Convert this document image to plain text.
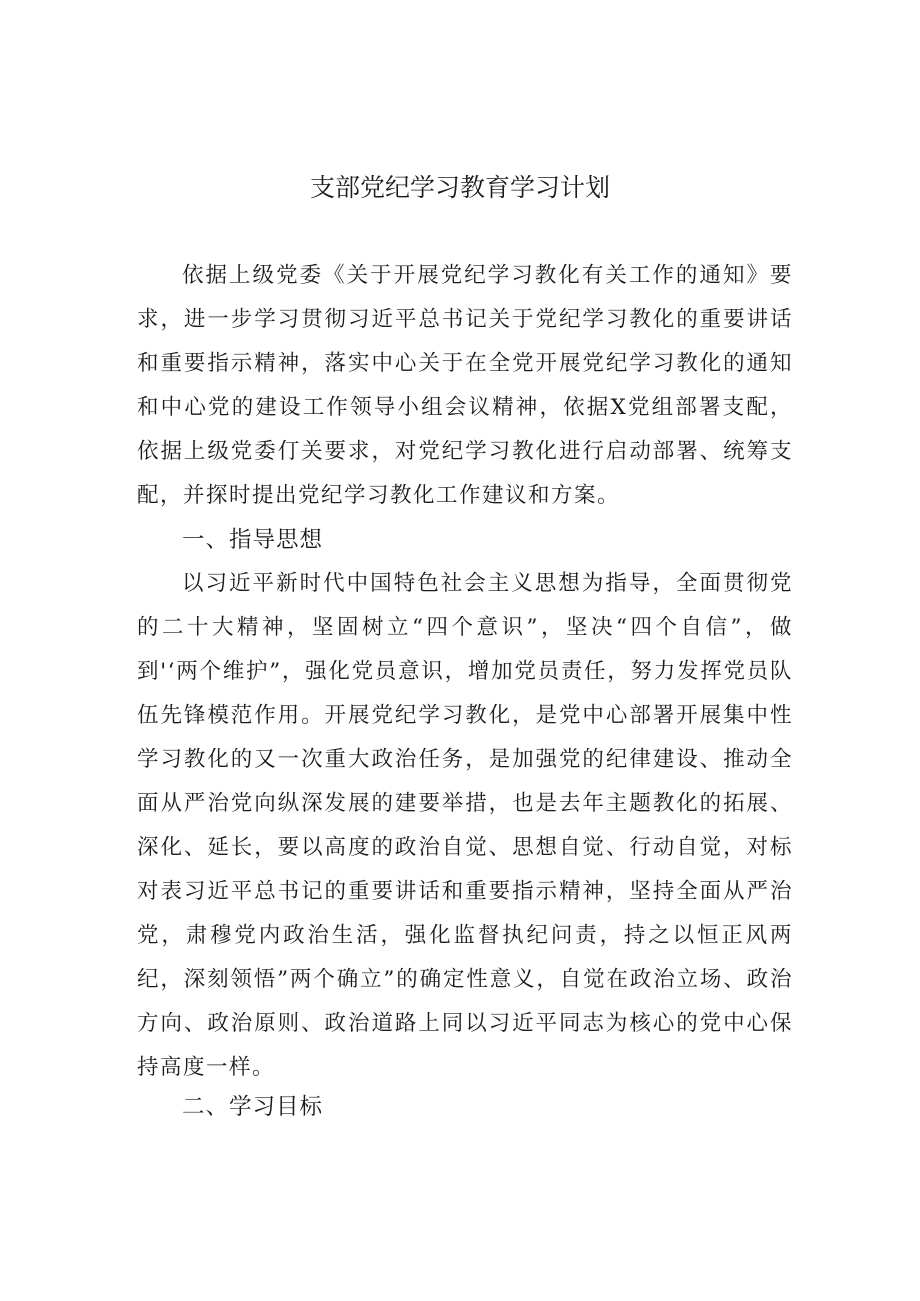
支部党纪学习教育学习计划

依据上级党委《关于开展党纪学习教化有关工作的通知》要求，进一步学习贯彻习近平总书记关于党纪学习教化的重要讲话和重要指示精神，落实中心关于在全党开展党纪学习教化的通知和中心党的建设工作领导小组会议精神，依据X党组部署支配，依据上级党委仃关要求，对党纪学习教化进行启动部署、统筹支配，并探时提出党纪学习教化工作建议和方案。

一、指导思想

以习近平新时代中国特色社会主义思想为指导，全面贯彻党的二十大精神，坚固树立“四个意识”，坚决“四个自信”，做到'‘两个维护”，强化党员意识，增加党员责任，努力发挥党员队伍先锋模范作用。开展党纪学习教化，是党中心部署开展集中性学习教化的又一次重大政治任务，是加强党的纪律建设、推动全面从严治党向纵深发展的建要举措，也是去年主题教化的拓展、深化、延长，要以高度的政治自觉、思想自觉、行动自觉，对标对表习近平总书记的重要讲话和重要指示精神，坚持全面从严治党，肃穆党内政治生活，强化监督执纪问责，持之以恒正风两纪，深刻领悟”两个确立”的确定性意义，自觉在政治立场、政治方向、政治原则、政治道路上同以习近平同志为核心的党中心保持高度一样。

二、学习目标
